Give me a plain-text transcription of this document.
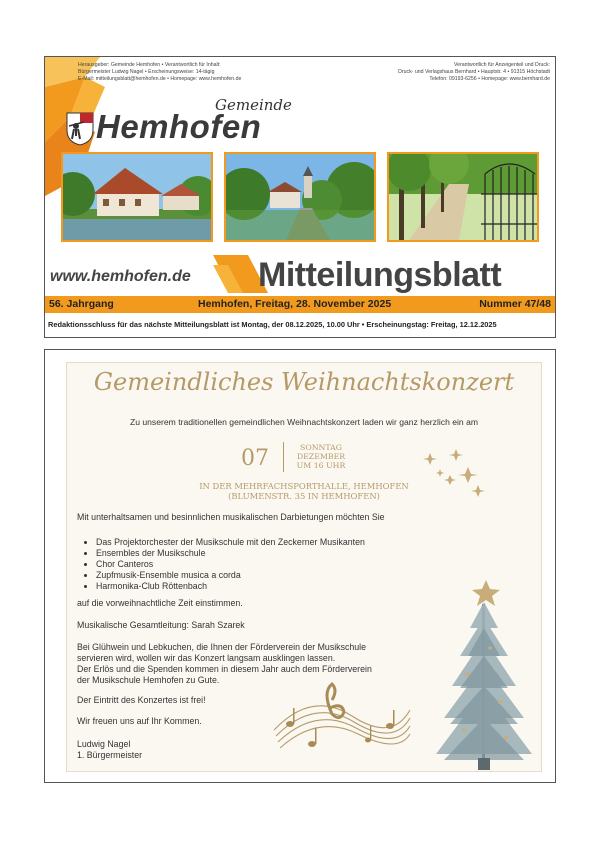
Herausgeber: Gemeinde Hemhofen • Verantwortlich für Inhalt:
Bürgermeister Ludwig Nagel • Erscheinungsweise: 14-tägig
E-Mail: mitteilungsblatt@hemhofen.de • Homepage: www.hemhofen.de
Verantwortlich für Anzeigenteil und Druck:
Druck- und Verlagshaus Bernhard • Hauptstr. 4 • 91315 Höchstadt
Telefon: 09193-6256 • Homepage: www.bernhard.de
Gemeinde
Hemhofen
www.hemhofen.de Mitteilungsblatt
56. Jahrgang	Hemhofen, Freitag, 28. November 2025	Nummer 47/48
Redaktionsschluss für das nächste Mitteilungsblatt ist Montag, der 08.12.2025, 10.00 Uhr • Erscheinungstag: Freitag, 12.12.2025
Gemeindliches Weihnachtskonzert
Zu unserem traditionellen gemeindlichen Weihnachtskonzert laden wir ganz herzlich ein am
07	SONNTAG
DEZEMBER
UM 16 UHR
IN DER MEHRFACHSPORTHALLE, HEMHOFEN
(BLUMENSTR. 35 IN HEMHOFEN)
Mit unterhaltsamen und besinnlichen musikalischen Darbietungen möchten Sie
• Das Projektorchester der Musikschule mit den Zeckerner Musikanten
• Ensembles der Musikschule
• Chor Canteros
• Zupfmusik-Ensemble musica a corda
• Harmonika-Club Röttenbach
auf die vorweihnachtliche Zeit einstimmen.
Musikalische Gesamtleitung: Sarah Szarek
Bei Glühwein und Lebkuchen, die Ihnen der Förderverein der Musikschule
servieren wird, wollen wir das Konzert langsam ausklingen lassen.
Der Erlös und die Spenden kommen in diesem Jahr auch dem Förderverein
der Musikschule Hemhofen zu Gute.
Der Eintritt des Konzertes ist frei!
Wir freuen uns auf Ihr Kommen.
Ludwig Nagel
1. Bürgermeister
